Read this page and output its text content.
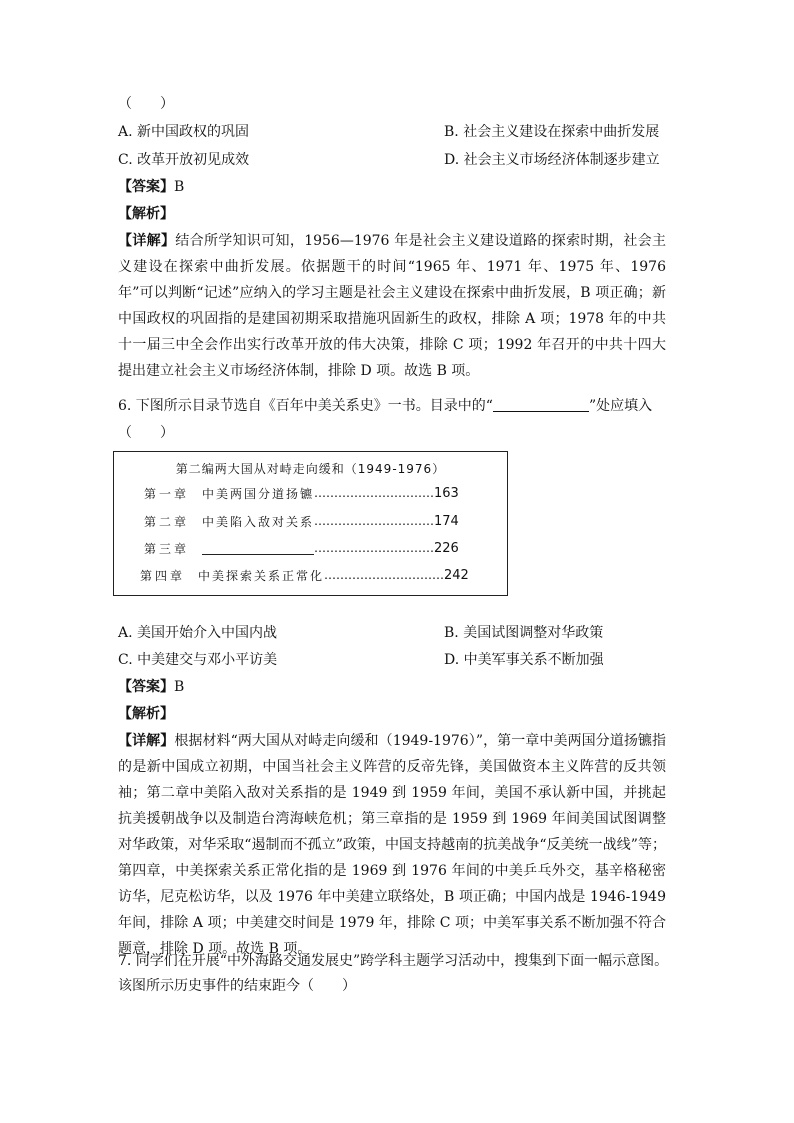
（　　）
A. 新中国政权的巩固	B. 社会主义建设在探索中曲折发展
C. 改革开放初见成效	D. 社会主义市场经济体制逐步建立
【答案】B
【解析】
【详解】结合所学知识可知，1956—1976 年是社会主义建设道路的探索时期，社会主义建设在探索中曲折发展。依据题干的时间“1965 年、1971 年、1975 年、1976 年”可以判断“记述”应纳入的学习主题是社会主义建设在探索中曲折发展，B 项正确；新中国政权的巩固指的是建国初期采取措施巩固新生的政权，排除 A 项；1978 年的中共十一届三中全会作出实行改革开放的伟大决策，排除 C 项；1992 年召开的中共十四大提出建立社会主义市场经济体制，排除 D 项。故选 B 项。
6. 下图所示目录节选自《百年中美关系史》一书。目录中的“	”处应填入
（　　）
第二编两大国从对峙走向缓和（1949-1976）
第一章	中美两国分道扬镳 ………………………… 163
第二章	中美陷入敌对关系 ………………………… 174
第三章	………………………… 226
第四章	中美探索关系正常化 ………………………… 242
A. 美国开始介入中国内战	B. 美国试图调整对华政策
C. 中美建交与邓小平访美	D. 中美军事关系不断加强
【答案】B
【解析】
【详解】根据材料“两大国从对峙走向缓和（1949-1976）”，第一章中美两国分道扬镳指的是新中国成立初期，中国当社会主义阵营的反帝先锋，美国做资本主义阵营的反共领袖；第二章中美陷入敌对关系指的是 1949 到 1959 年间，美国不承认新中国，并挑起抗美援朝战争以及制造台湾海峡危机；第三章指的是 1959 到 1969 年间美国试图调整对华政策，对华采取“遏制而不孤立”政策，中国支持越南的抗美战争“反美统一战线”等；第四章，中美探索关系正常化指的是 1969 到 1976 年间的中美乒乓外交，基辛格秘密访华，尼克松访华，以及 1976 年中美建立联络处，B 项正确；中国内战是 1946-1949 年间，排除 A 项；中美建交时间是 1979 年，排除 C 项；中美军事关系不断加强不符合题意，排除 D 项。故选 B 项。
7. 同学们在开展“中外海路交通发展史”跨学科主题学习活动中，搜集到下面一幅示意图。
该图所示历史事件的结束距今（　　）
